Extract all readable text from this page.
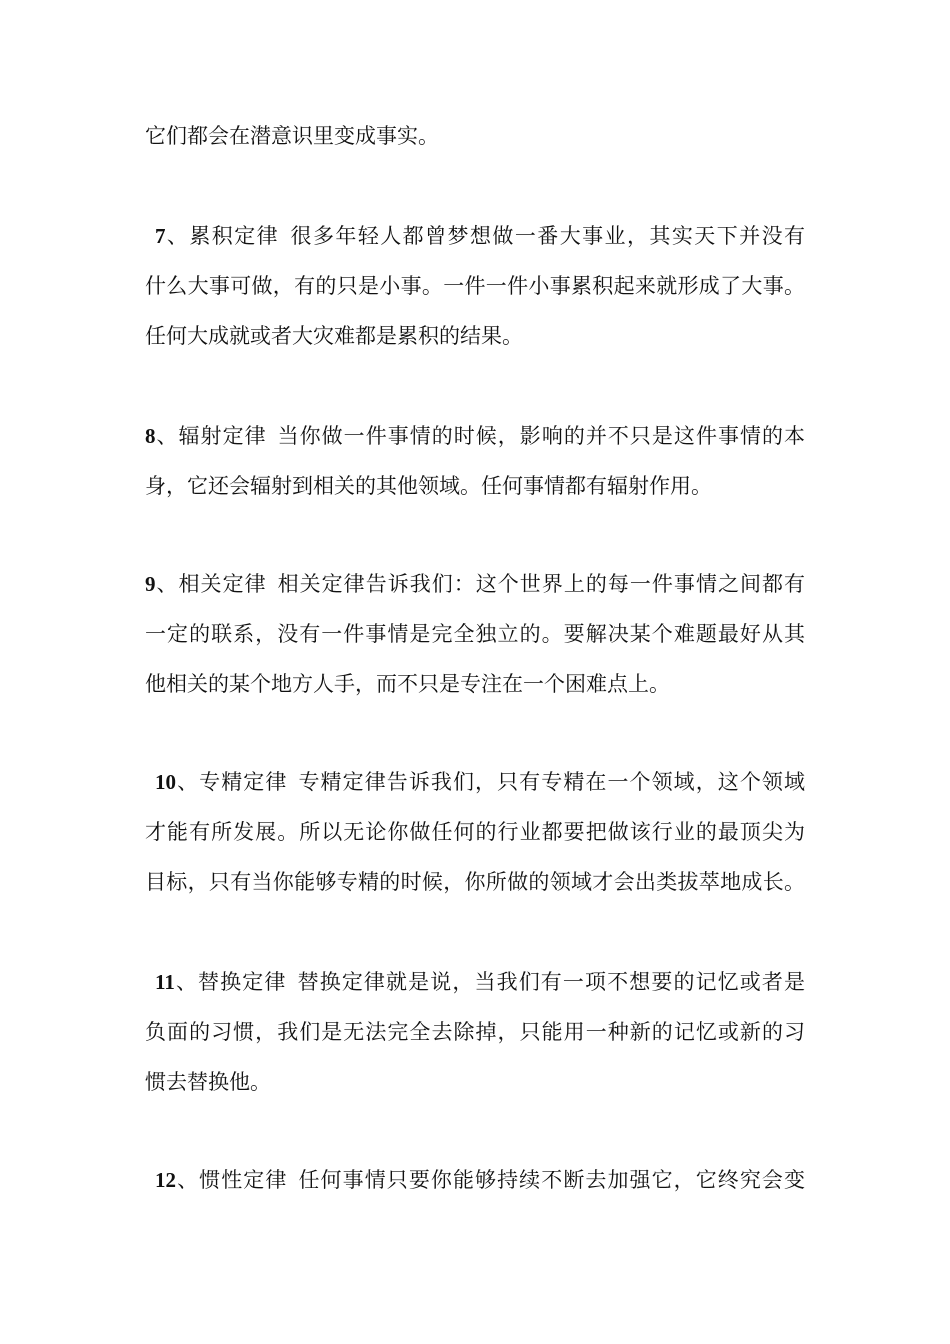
它们都会在潜意识里变成事实。
7、累积定律 很多年轻人都曾梦想做一番大事业，其实天下并没有
什么大事可做，有的只是小事。一件一件小事累积起来就形成了大事。
任何大成就或者大灾难都是累积的结果。
8、辐射定律 当你做一件事情的时候，影响的并不只是这件事情的本
身，它还会辐射到相关的其他领域。任何事情都有辐射作用。
9、相关定律 相关定律告诉我们：这个世界上的每一件事情之间都有
一定的联系，没有一件事情是完全独立的。要解决某个难题最好从其
他相关的某个地方人手，而不只是专注在一个困难点上。
10、专精定律 专精定律告诉我们，只有专精在一个领域，这个领域
才能有所发展。所以无论你做任何的行业都要把做该行业的最顶尖为
目标，只有当你能够专精的时候，你所做的领域才会出类拔萃地成长。
11、替换定律 替换定律就是说，当我们有一项不想要的记忆或者是
负面的习惯，我们是无法完全去除掉，只能用一种新的记忆或新的习
惯去替换他。
12、惯性定律 任何事情只要你能够持续不断去加强它，它终究会变
